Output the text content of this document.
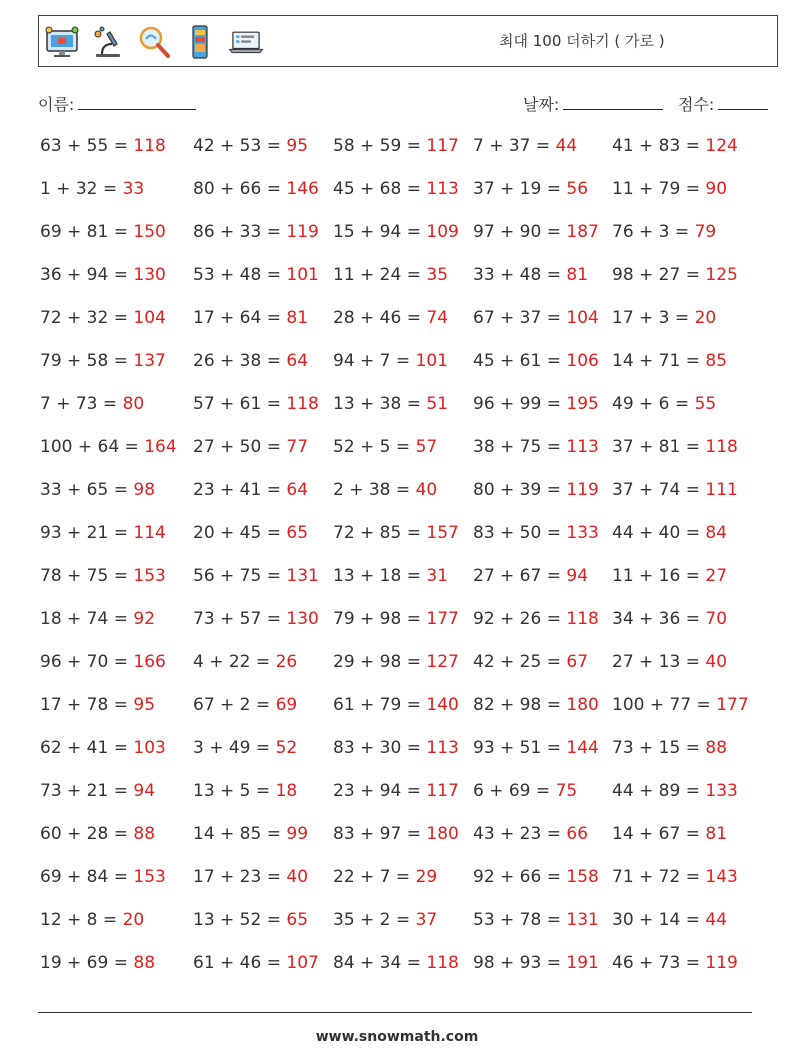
최대 100 더하기 ( 가로 )
이름:	날짜:	점수:
63 + 55 = 118 42 + 53 = 95 58 + 59 = 117 7 + 37 = 44 41 + 83 = 124
1 + 32 = 33	80 + 66 = 146 45 + 68 = 113 37 + 19 = 56 11 + 79 = 90
69 + 81 = 150 86 + 33 = 119 15 + 94 = 109 97 + 90 = 187 76 + 3 = 79
36 + 94 = 130 53 + 48 = 101 11 + 24 = 35 33 + 48 = 81 98 + 27 = 125
72 + 32 = 104 17 + 64 = 81 28 + 46 = 74 67 + 37 = 104 17 + 3 = 20
79 + 58 = 137 26 + 38 = 64 94 + 7 = 101 45 + 61 = 106 14 + 71 = 85
7 + 73 = 80	57 + 61 = 118 13 + 38 = 51 96 + 99 = 195 49 + 6 = 55
100 + 64 = 164 27 + 50 = 77 52 + 5 = 57 38 + 75 = 113 37 + 81 = 118
33 + 65 = 98 23 + 41 = 64 2 + 38 = 40 80 + 39 = 119 37 + 74 = 111
93 + 21 = 114 20 + 45 = 65 72 + 85 = 157 83 + 50 = 133 44 + 40 = 84
78 + 75 = 153 56 + 75 = 131 13 + 18 = 31 27 + 67 = 94 11 + 16 = 27
18 + 74 = 92 73 + 57 = 130 79 + 98 = 177 92 + 26 = 118 34 + 36 = 70
96 + 70 = 166 4 + 22 = 26 29 + 98 = 127 42 + 25 = 67 27 + 13 = 40
17 + 78 = 95 67 + 2 = 69 61 + 79 = 140 82 + 98 = 180 100 + 77 = 177
62 + 41 = 103 3 + 49 = 52 83 + 30 = 113 93 + 51 = 144 73 + 15 = 88
73 + 21 = 94 13 + 5 = 18 23 + 94 = 117 6 + 69 = 75 44 + 89 = 133
60 + 28 = 88 14 + 85 = 99 83 + 97 = 180 43 + 23 = 66 14 + 67 = 81
69 + 84 = 153 17 + 23 = 40 22 + 7 = 29 92 + 66 = 158 71 + 72 = 143
12 + 8 = 20	13 + 52 = 65 35 + 2 = 37 53 + 78 = 131 30 + 14 = 44
19 + 69 = 88 61 + 46 = 107 84 + 34 = 118 98 + 93 = 191 46 + 73 = 119
www.snowmath.com
